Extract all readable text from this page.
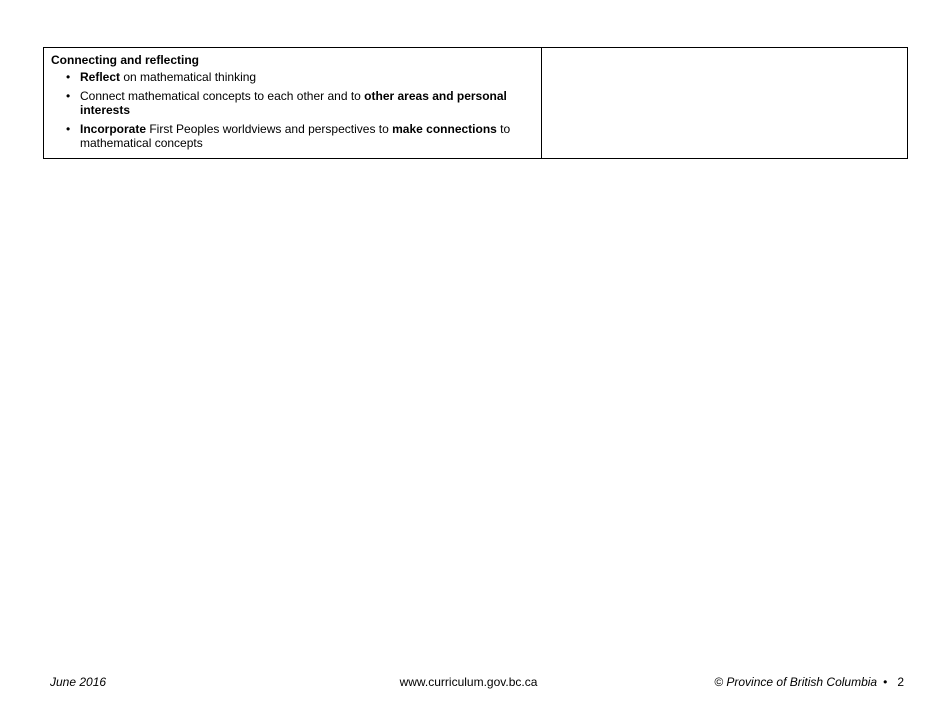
Connecting and reflecting
• Reflect on mathematical thinking
• Connect mathematical concepts to each other and to other areas and personal interests
• Incorporate First Peoples worldviews and perspectives to make connections to mathematical concepts

June 2016	www.curriculum.gov.bc.ca	© Province of British Columbia • 2
